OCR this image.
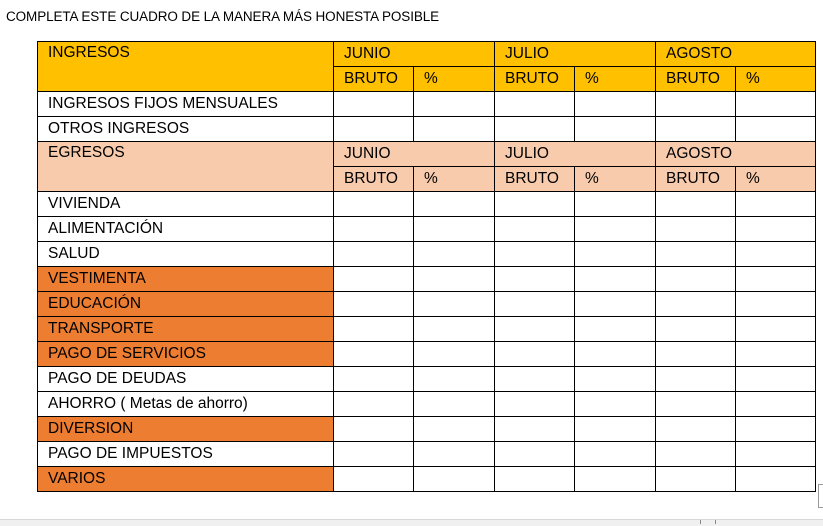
COMPLETA ESTE CUADRO DE LA MANERA MÁS HONESTA POSIBLE
INGRESOS	JUNIO		JULIO		AGOSTO	
	BRUTO	%	BRUTO	%	BRUTO	%
INGRESOS FIJOS MENSUALES						
OTROS INGRESOS						
EGRESOS	JUNIO		JULIO		AGOSTO	
	BRUTO	%	BRUTO	%	BRUTO	%
VIVIENDA						
ALIMENTACIÓN						
SALUD						
VESTIMENTA						
EDUCACIÓN						
TRANSPORTE						
PAGO DE SERVICIOS						
PAGO DE DEUDAS						
AHORRO ( Metas de ahorro)						
DIVERSION						
PAGO DE IMPUESTOS						
VARIOS						
